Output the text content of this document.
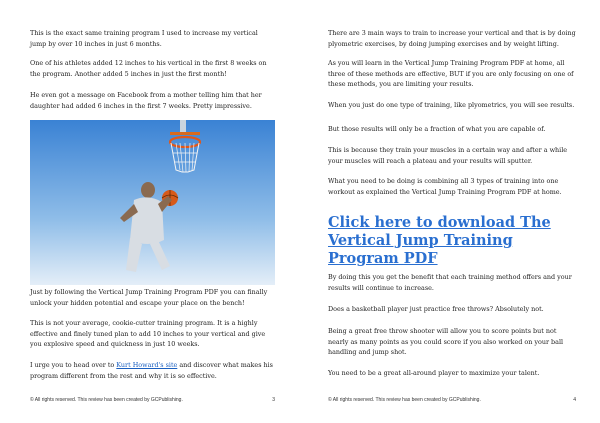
This is the exact same training program I used to increase my vertical jump by over 10 inches in just 6 months.

One of his athletes added 12 inches to his vertical in the first 8 weeks on the program. Another added 5 inches in just the first month!

He even got a message on Facebook from a mother telling him that her daughter had added 6 inches in the first 7 weeks. Pretty impressive.

Just by following the Vertical Jump Training Program PDF you can finally unlock your hidden potential and escape your place on the bench!

This is not your average, cookie-cutter training program. It is a highly effective and finely tuned plan to add 10 inches to your vertical and give you explosive speed and quickness in just 10 weeks.

I urge you to head over to Kurt Howard's site and discover what makes his program different from the rest and why it is so effective.

© All rights reserved. This review has been created by GCPublishing.	3

There are 3 main ways to train to increase your vertical and that is by doing plyometric exercises, by doing jumping exercises and by weight lifting.

As you will learn in the Vertical Jump Training Program PDF at home, all three of these methods are effective, BUT if you are only focusing on one of these methods, you are limiting your results.

When you just do one type of training, like plyometrics, you will see results.

But those results will only be a fraction of what you are capable of.

This is because they train your muscles in a certain way and after a while your muscles will reach a plateau and your results will sputter.

What you need to be doing is combining all 3 types of training into one workout as explained the Vertical Jump Training Program PDF at home.

Click here to download The Vertical Jump Training Program PDF

By doing this you get the benefit that each training method offers and your results will continue to increase.

Does a basketball player just practice free throws? Absolutely not.

Being a great free throw shooter will allow you to score points but not nearly as many points as you could score if you also worked on your ball handling and jump shot.

You need to be a great all-around player to maximize your talent.

© All rights reserved. This review has been created by GCPublishing.	4
